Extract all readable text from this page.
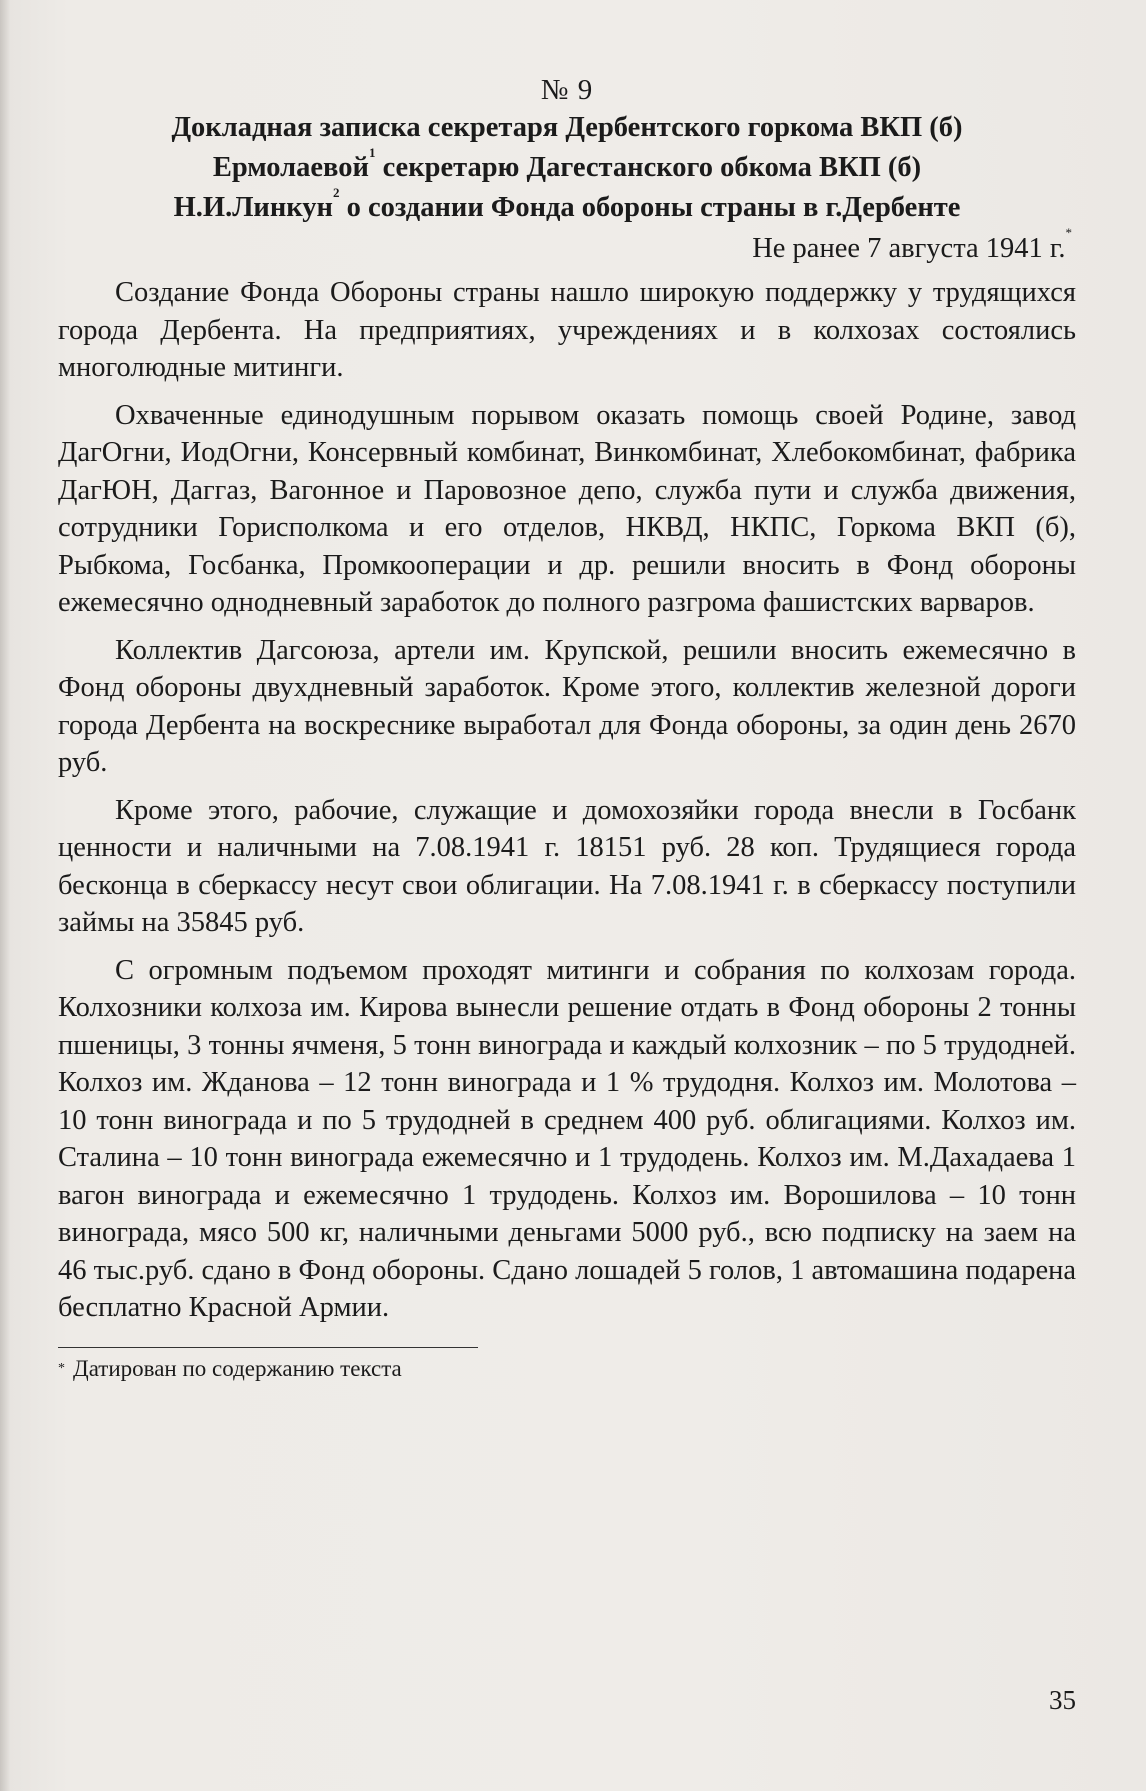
№ 9

Докладная записка секретаря Дербентского горкома ВКП (б)
Ермолаевой$^1$ секретарю Дагестанского обкома ВКП (б)
Н.И.Линкун$^2$ о создании Фонда обороны страны в г.Дербенте

Не ранее 7 августа 1941 г.*

Создание Фонда Обороны страны нашло широкую поддержку у трудящихся города Дербента. На предприятиях, учреждениях и в колхозах состоялись многолюдные митинги.

Охваченные единодушным порывом оказать помощь своей Родине, завод ДагОгни, ИодОгни, Консервный комбинат, Винкомбинат, Хлебокомбинат, фабрика ДагЮН, Даггаз, Вагонное и Паровозное депо, служба пути и служба движения, сотрудники Горисполкома и его отделов, НКВД, НКПС, Горкома ВКП (б), Рыбкома, Госбанка, Промкооперации и др. решили вносить в Фонд обороны ежемесячно однодневный заработок до полного разгрома фашистских варваров.

Коллектив Дагсоюза, артели им. Крупской, решили вносить ежемесячно в Фонд обороны двухдневный заработок. Кроме этого, коллектив железной дороги города Дербента на воскреснике выработал для Фонда обороны, за один день 2670 руб.

Кроме этого, рабочие, служащие и домохозяйки города внесли в Госбанк ценности и наличными на 7.08.1941 г. 18151 руб. 28 коп. Трудящиеся города бесконца в сберкассу несут свои облигации. На 7.08.1941 г. в сберкассу поступили займы на 35845 руб.

С огромным подъемом проходят митинги и собрания по колхозам города. Колхозники колхоза им. Кирова вынесли решение отдать в Фонд обороны 2 тонны пшеницы, 3 тонны ячменя, 5 тонн винограда и каждый колхозник – по 5 трудодней. Колхоз им. Жданова – 12 тонн винограда и 1 % трудодня. Колхоз им. Молотова – 10 тонн винограда и по 5 трудодней в среднем 400 руб. облигациями. Колхоз им. Сталина – 10 тонн винограда ежемесячно и 1 трудодень. Колхоз им. М.Дахадаева 1 вагон винограда и ежемесячно 1 трудодень. Колхоз им. Ворошилова – 10 тонн винограда, мясо 500 кг, наличными деньгами 5000 руб., всю подписку на заем на 46 тыс.руб. сдано в Фонд обороны. Сдано лошадей 5 голов, 1 автомашина подарена бесплатно Красной Армии.

* Датирован по содержанию текста

35
